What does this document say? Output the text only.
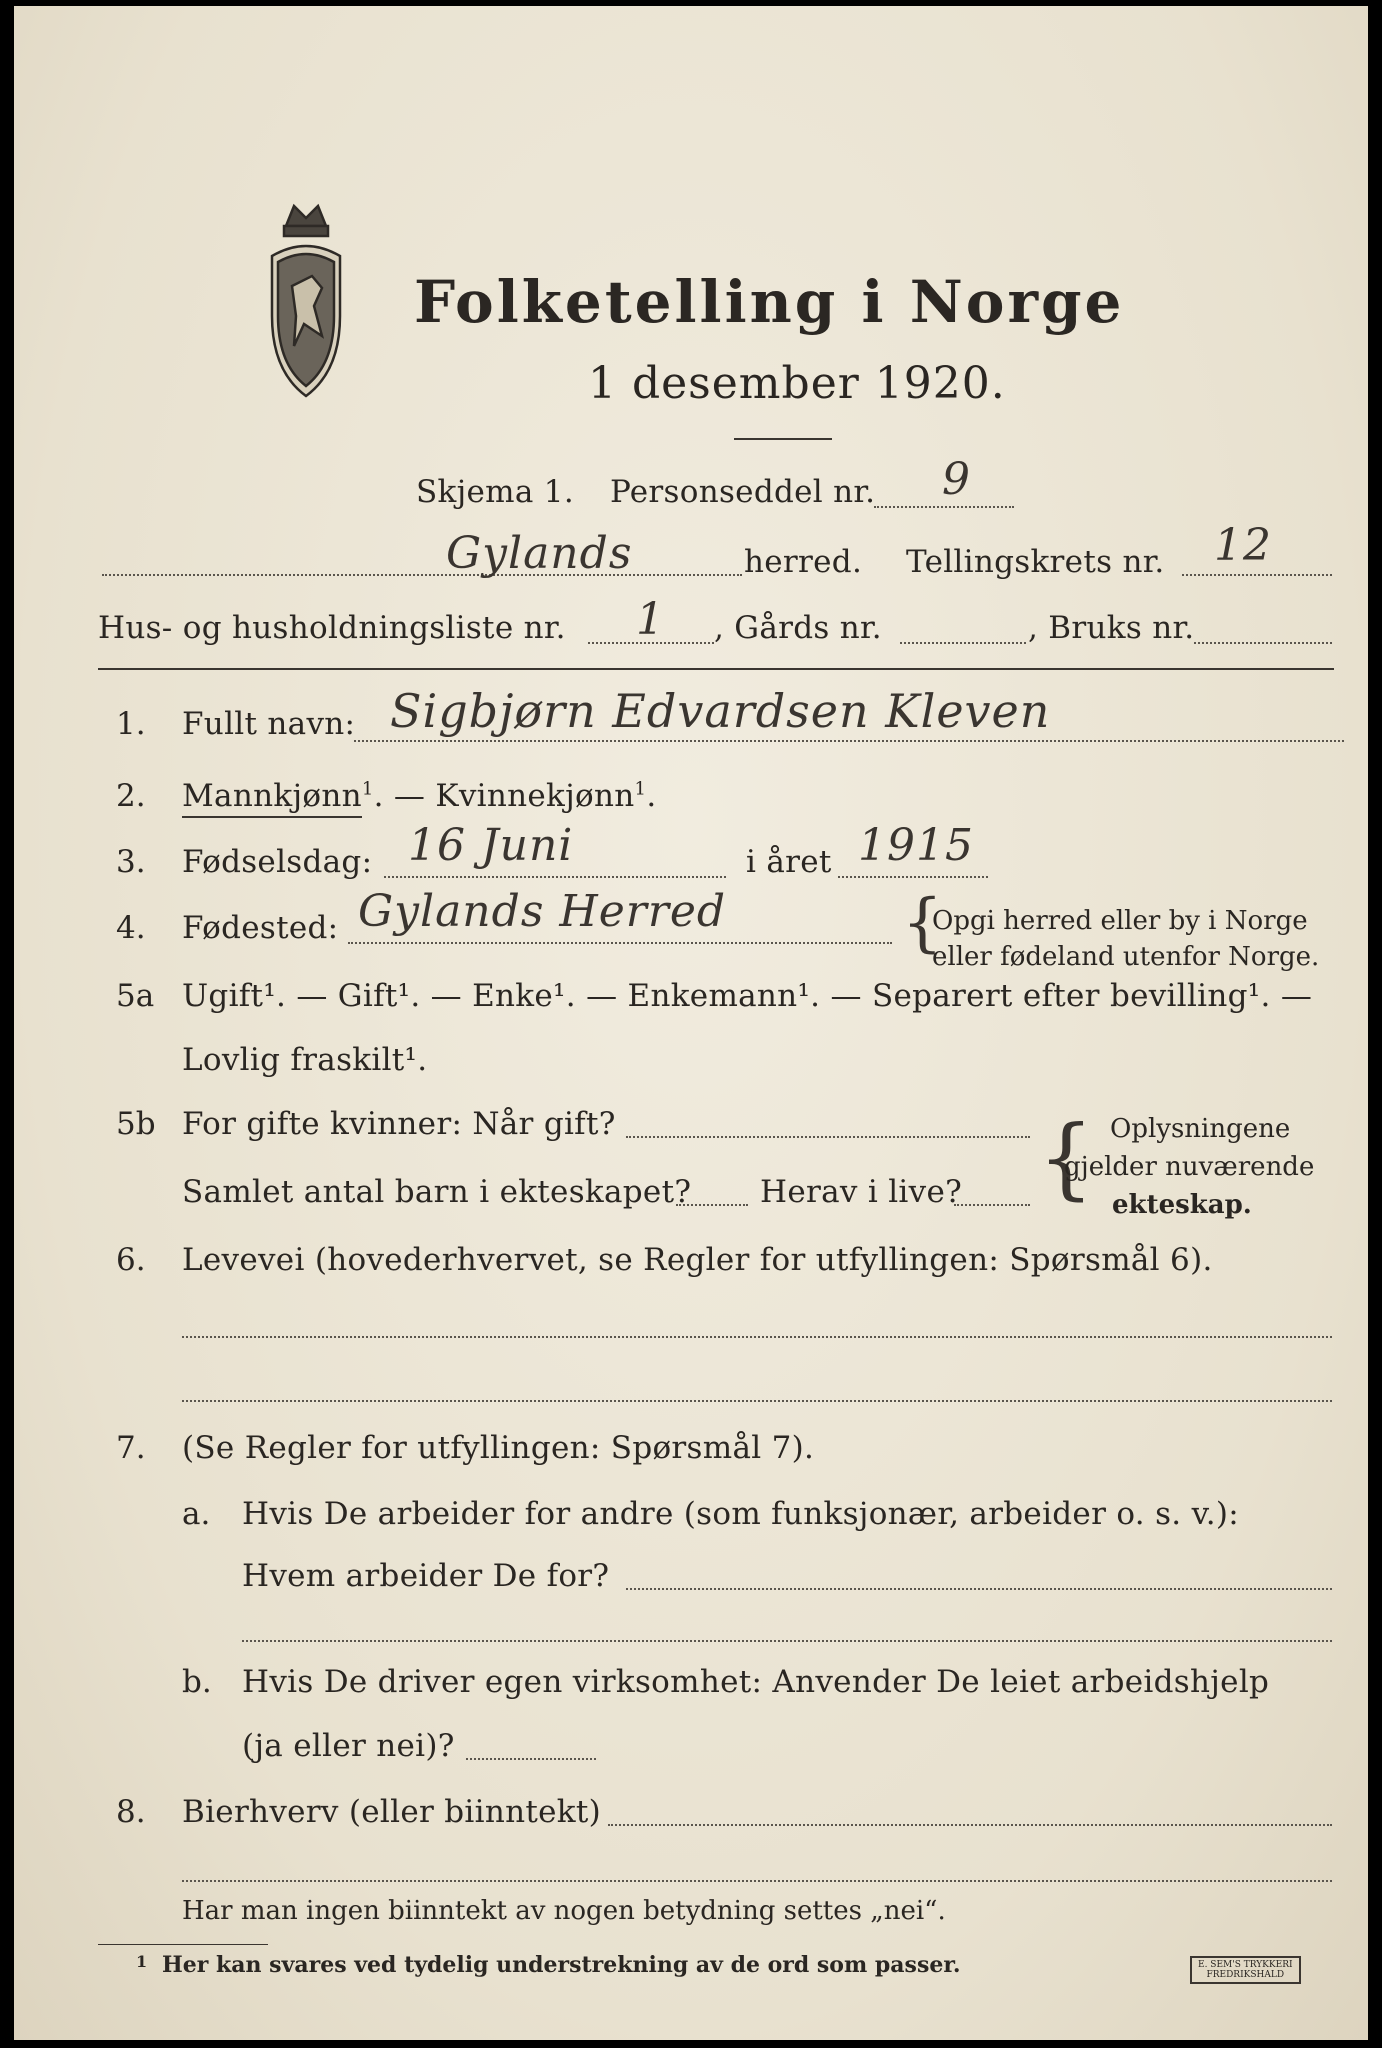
Folketelling i Norge
1 desember 1920.
Skjema 1. Personseddel nr. 9
Gylands	herred. Tellingskrets nr. 12
Hus- og husholdningsliste nr. 1 , Gårds nr.	, Bruks nr.
1. Fullt navn: Sigbjørn Edvardsen Kleven
2. Mannkjønn$^1$. — Kvinnekjønn$^1$.
3. Fødselsdag: 16 Juni	i året 1915
4. Fødested: Gylands Herred	{
Opgi herred eller by i Norge
eller fødeland utenfor Norge.
5a Ugift¹. — Gift¹. — Enke¹. — Enkemann¹. — Separert efter bevilling¹. —
Lovlig fraskilt¹.
5b For gifte kvinner: Når gift?
Samlet antal barn i ekteskapet? Herav i live? { Oplysningene
gjelder nuværende
ekteskap.
6. Levevei (hovederhvervet, se Regler for utfyllingen: Spørsmål 6).
7. (Se Regler for utfyllingen: Spørsmål 7).
a. Hvis De arbeider for andre (som funksjonær, arbeider o. s. v.):
Hvem arbeider De for?
b. Hvis De driver egen virksomhet: Anvender De leiet arbeidshjelp
(ja eller nei)?
8. Bierhverv (eller biinntekt)
Har man ingen biinntekt av nogen betydning settes „nei“.
1 Her kan svares ved tydelig understrekning av de ord som passer.	E. SEM'S TRYKKERI
FREDRIKSHALD
